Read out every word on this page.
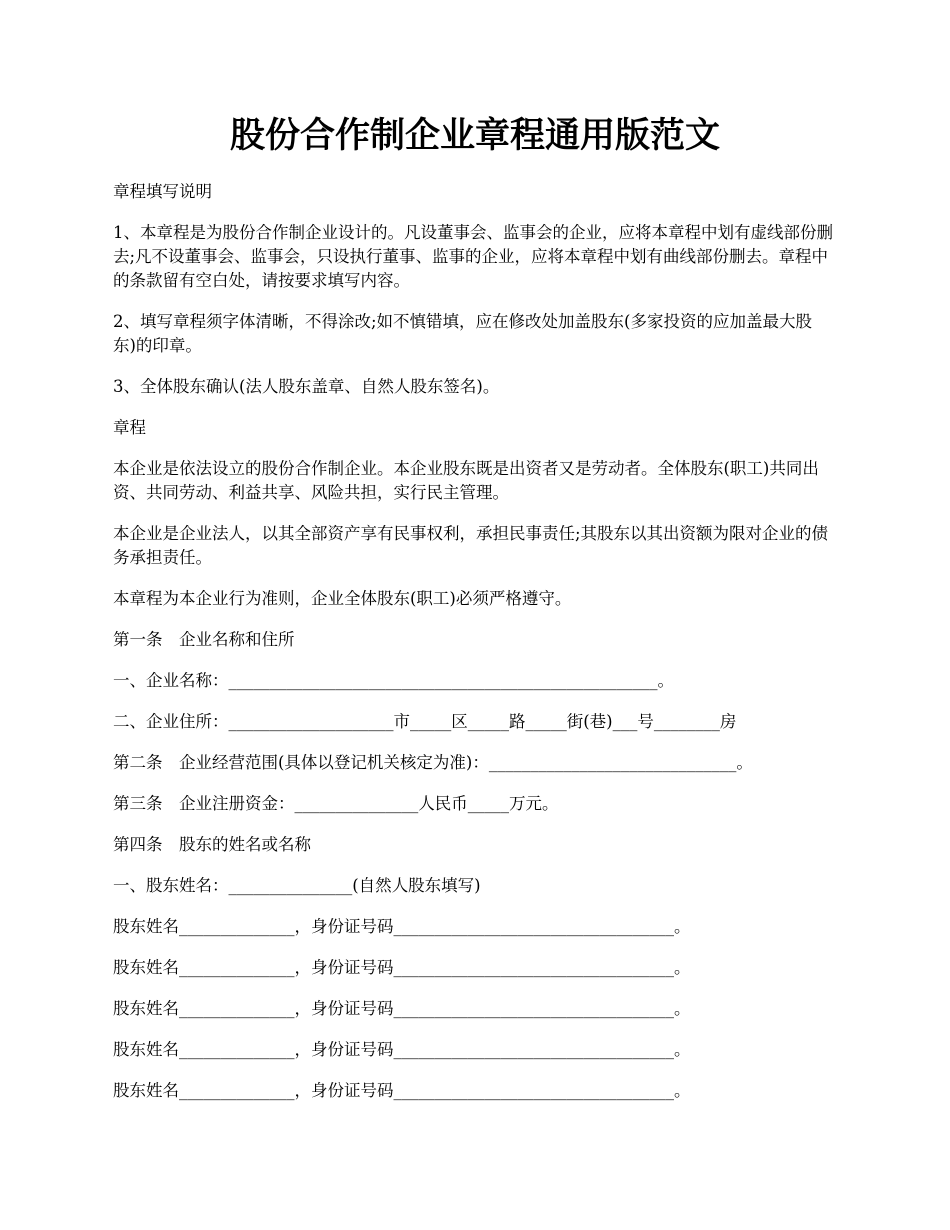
股份合作制企业章程通用版范文

章程填写说明

1、本章程是为股份合作制企业设计的。凡设董事会、监事会的企业，应将本章程中划有虚线部份删去;凡不设董事会、监事会，只设执行董事、监事的企业，应将本章程中划有曲线部份删去。章程中的条款留有空白处，请按要求填写内容。

2、填写章程须字体清晰，不得涂改;如不慎错填，应在修改处加盖股东(多家投资的应加盖最大股东)的印章。

3、全体股东确认(法人股东盖章、自然人股东签名)。

章程

本企业是依法设立的股份合作制企业。本企业股东既是出资者又是劳动者。全体股东(职工)共同出资、共同劳动、利益共享、风险共担，实行民主管理。

本企业是企业法人，以其全部资产享有民事权利，承担民事责任;其股东以其出资额为限对企业的债务承担责任。

本章程为本企业行为准则，企业全体股东(职工)必须严格遵守。

第一条　企业名称和住所

一、企业名称：____________________________________________________。

二、企业住所：____________________市_____区_____路_____街(巷)___号________房

第二条　企业经营范围(具体以登记机关核定为准)：______________________________。

第三条　企业注册资金：_______________人民币_____万元。

第四条　股东的姓名或名称

一、股东姓名：_______________(自然人股东填写)

股东姓名______________，身份证号码__________________________________。

股东姓名______________，身份证号码__________________________________。

股东姓名______________，身份证号码__________________________________。

股东姓名______________，身份证号码__________________________________。

股东姓名______________，身份证号码__________________________________。
